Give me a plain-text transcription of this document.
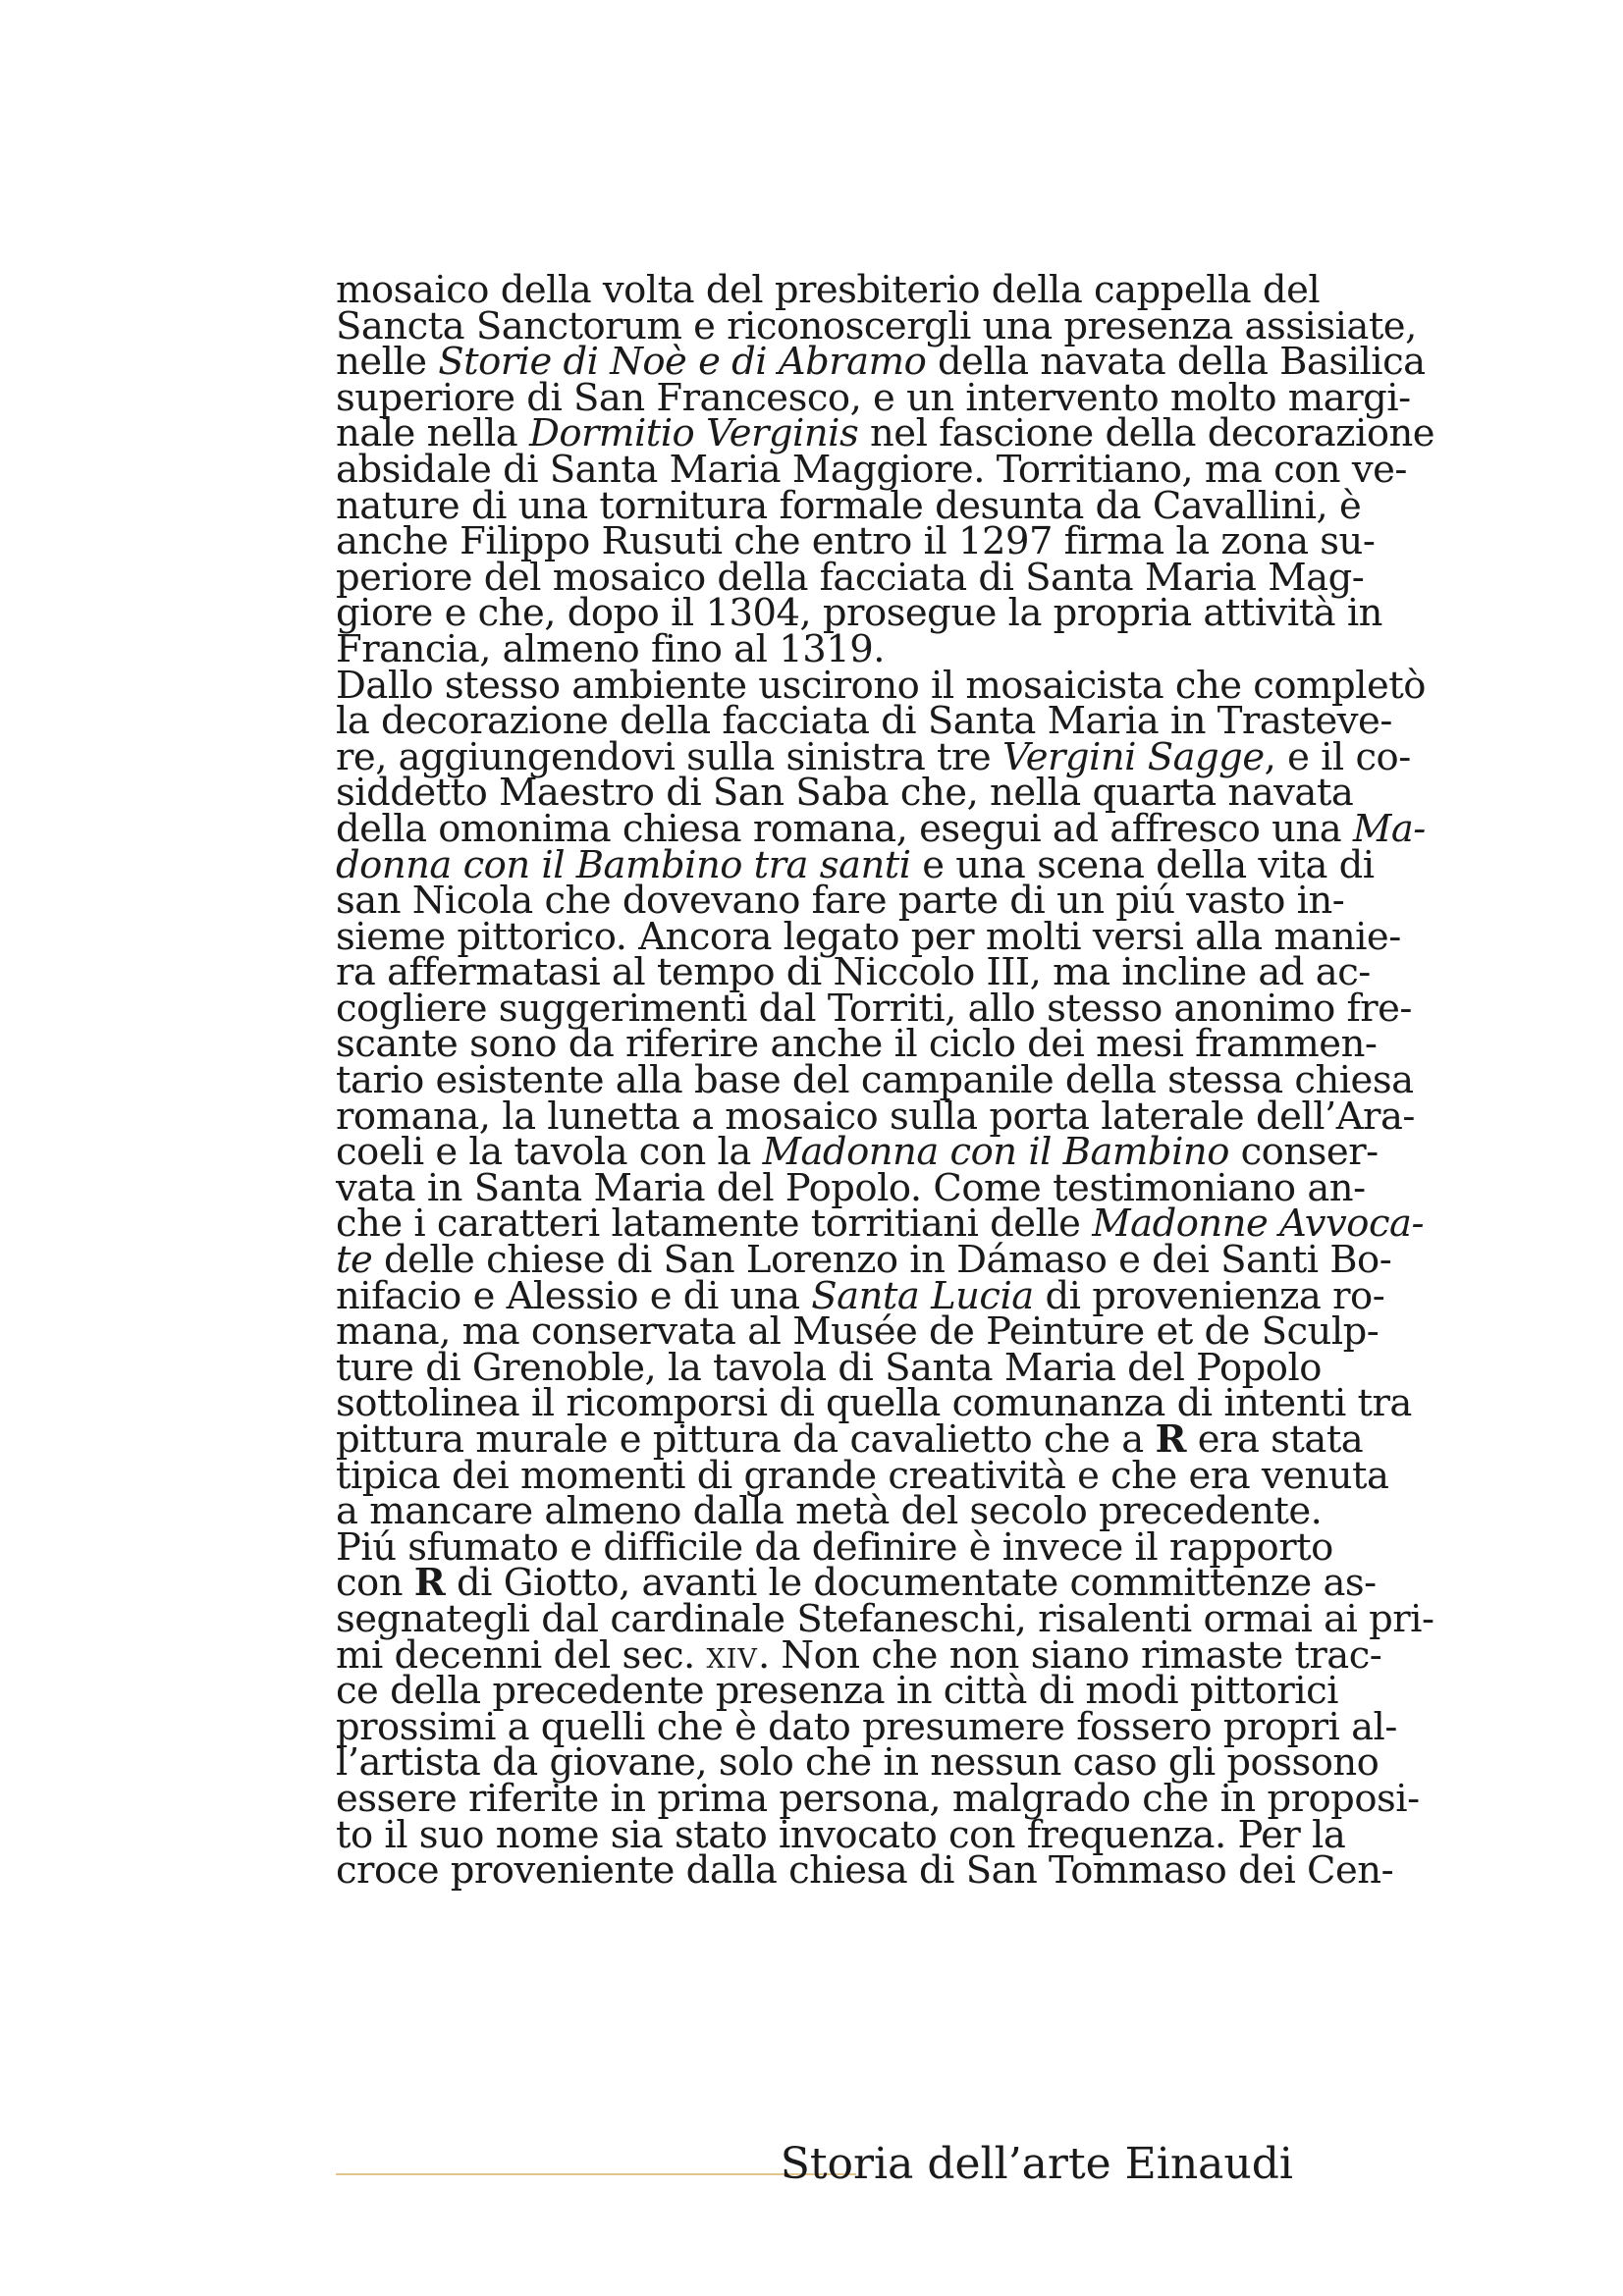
mosaico della volta del presbiterio della cappella del
Sancta Sanctorum e riconoscergli una presenza assisiate,
nelle Storie di Noè e di Abramo della navata della Basilica
superiore di San Francesco, e un intervento molto margi-
nale nella Dormitio Verginis nel fascione della decorazione
absidale di Santa Maria Maggiore. Torritiano, ma con ve-
nature di una tornitura formale desunta da Cavallini, è
anche Filippo Rusuti che entro il 1297 firma la zona su-
periore del mosaico della facciata di Santa Maria Mag-
giore e che, dopo il 1304, prosegue la propria attività in
Francia, almeno fino al 1319.
Dallo stesso ambiente uscirono il mosaicista che completò
la decorazione della facciata di Santa Maria in Trasteve-
re, aggiungendovi sulla sinistra tre Vergini Sagge, e il co-
siddetto Maestro di San Saba che, nella quarta navata
della omonima chiesa romana, esegui ad affresco una Ma-
donna con il Bambino tra santi e una scena della vita di
san Nicola che dovevano fare parte di un piú vasto in-
sieme pittorico. Ancora legato per molti versi alla manie-
ra affermatasi al tempo di Niccolo III, ma incline ad ac-
cogliere suggerimenti dal Torriti, allo stesso anonimo fre-
scante sono da riferire anche il ciclo dei mesi frammen-
tario esistente alla base del campanile della stessa chiesa
romana, la lunetta a mosaico sulla porta laterale dell’Ara-
coeli e la tavola con la Madonna con il Bambino conser-
vata in Santa Maria del Popolo. Come testimoniano an-
che i caratteri latamente torritiani delle Madonne Avvoca-
te delle chiese di San Lorenzo in Dámaso e dei Santi Bo-
nifacio e Alessio e di una Santa Lucia di provenienza ro-
mana, ma conservata al Musée de Peinture et de Sculp-
ture di Grenoble, la tavola di Santa Maria del Popolo
sottolinea il ricomporsi di quella comunanza di intenti tra
pittura murale e pittura da cavalietto che a R era stata
tipica dei momenti di grande creatività e che era venuta
a mancare almeno dalla metà del secolo precedente.
Piú sfumato e difficile da definire è invece il rapporto
con R di Giotto, avanti le documentate committenze as-
segnategli dal cardinale Stefaneschi, risalenti ormai ai pri-
mi decenni del sec. xiv. Non che non siano rimaste trac-
ce della precedente presenza in città di modi pittorici
prossimi a quelli che è dato presumere fossero propri al-
l’artista da giovane, solo che in nessun caso gli possono
essere riferite in prima persona, malgrado che in proposi-
to il suo nome sia stato invocato con frequenza. Per la
croce proveniente dalla chiesa di San Tommaso dei Cen-
Storia dell’arte Einaudi
